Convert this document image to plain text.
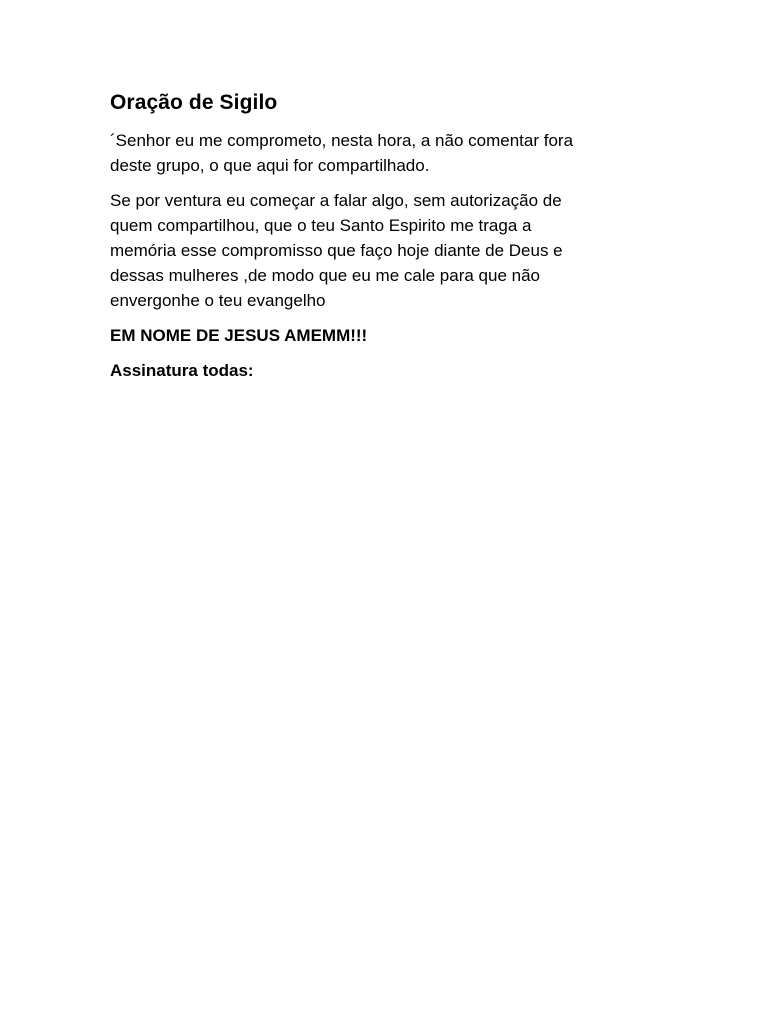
Oração de Sigilo

´Senhor eu me comprometo, nesta hora, a não comentar fora
deste grupo, o que aqui for compartilhado.

Se por ventura eu começar a falar algo, sem autorização de
quem compartilhou, que o teu Santo Espirito me traga a
memória esse compromisso que faço hoje diante de Deus e
dessas mulheres ,de modo que eu me cale para que não
envergonhe o teu evangelho

EM NOME DE JESUS AMEMM!!!

Assinatura todas:
